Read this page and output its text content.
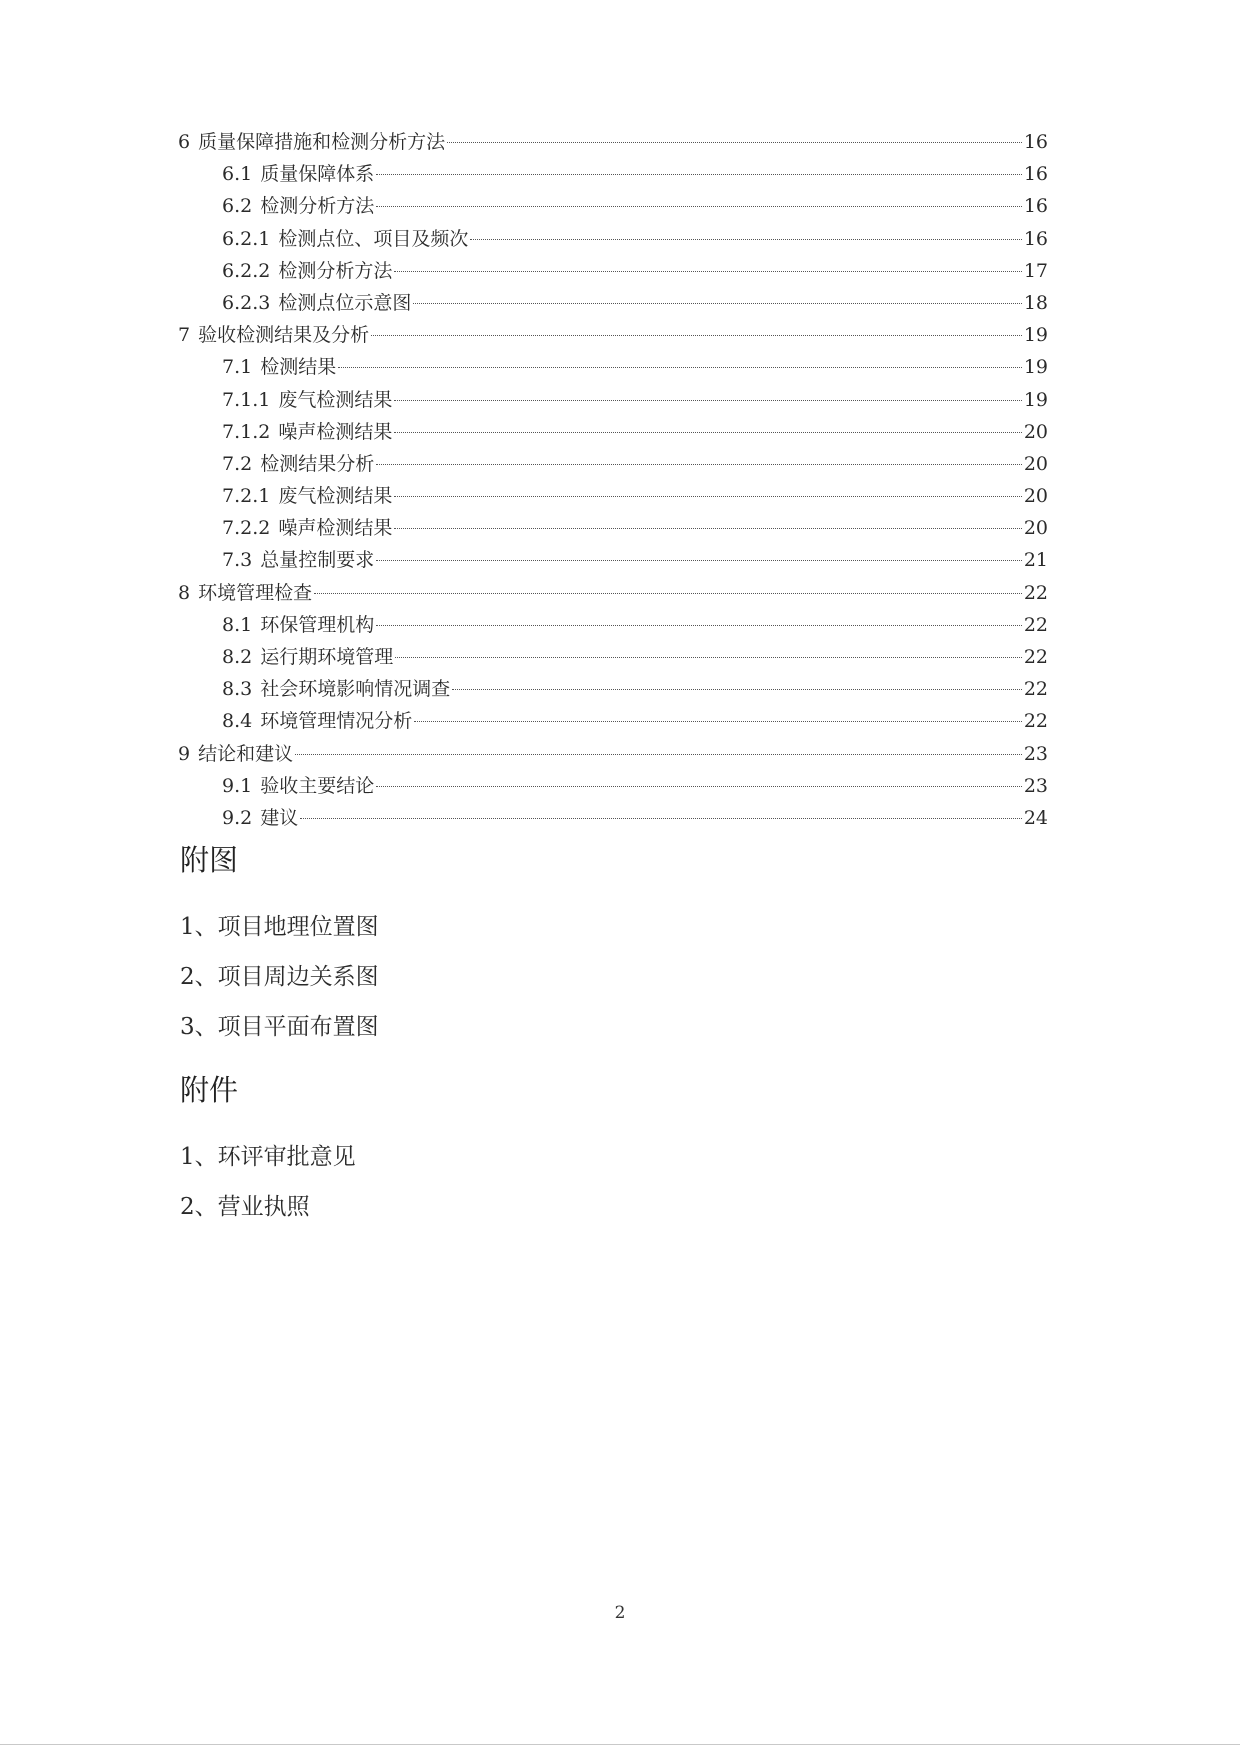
6 质量保障措施和检测分析方法	16
6.1 质量保障体系	16
6.2 检测分析方法	16
6.2.1 检测点位、项目及频次	16
6.2.2 检测分析方法	17
6.2.3 检测点位示意图	18
7 验收检测结果及分析	19
7.1 检测结果	19
7.1.1 废气检测结果	19
7.1.2 噪声检测结果	20
7.2 检测结果分析	20
7.2.1 废气检测结果	20
7.2.2 噪声检测结果	20
7.3 总量控制要求	21
8 环境管理检查	22
8.1 环保管理机构	22
8.2 运行期环境管理	22
8.3 社会环境影响情况调查	22
8.4 环境管理情况分析	22
9 结论和建议	23
9.1 验收主要结论	23
9.2 建议	24
附图
1、项目地理位置图
2、项目周边关系图
3、项目平面布置图
附件
1、环评审批意见
2、营业执照
2
